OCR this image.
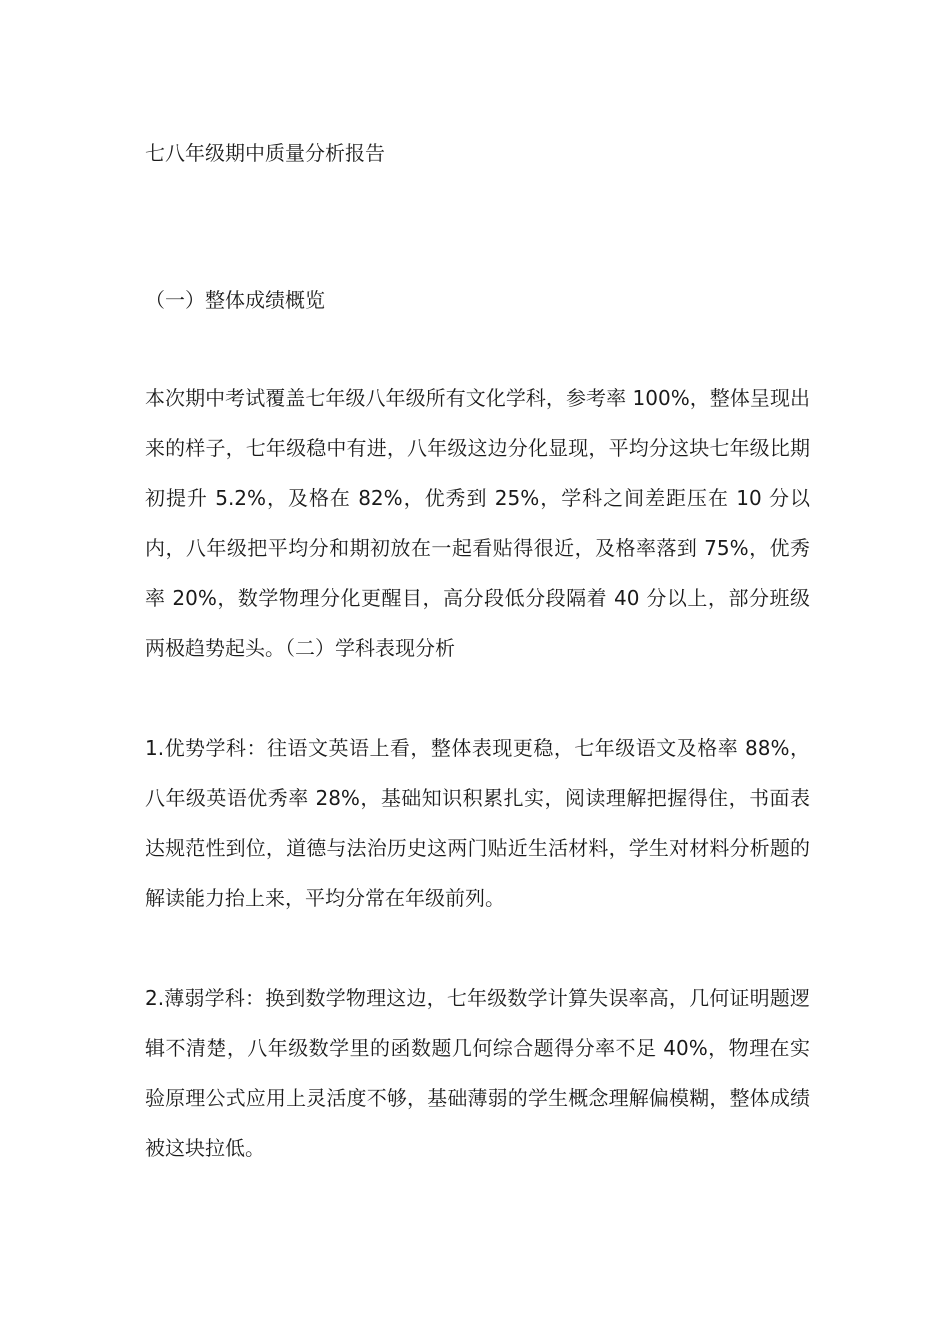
七八年级期中质量分析报告
（一）整体成绩概览

本次期中考试覆盖七年级八年级所有文化学科，参考率 100%，整体呈现出来的样子，七年级稳中有进，八年级这边分化显现，平均分这块七年级比期初提升 5.2%，及格在 82%，优秀到 25%，学科之间差距压在 10 分以内，八年级把平均分和期初放在一起看贴得很近，及格率落到 75%，优秀率 20%，数学物理分化更醒目，高分段低分段隔着 40 分以上，部分班级两极趋势起头。（二）学科表现分析

1.优势学科：往语文英语上看，整体表现更稳，七年级语文及格率 88%，八年级英语优秀率 28%，基础知识积累扎实，阅读理解把握得住，书面表达规范性到位，道德与法治历史这两门贴近生活材料，学生对材料分析题的解读能力抬上来，平均分常在年级前列。

2.薄弱学科：换到数学物理这边，七年级数学计算失误率高，几何证明题逻辑不清楚，八年级数学里的函数题几何综合题得分率不足 40%，物理在实验原理公式应用上灵活度不够，基础薄弱的学生概念理解偏模糊，整体成绩被这块拉低。
